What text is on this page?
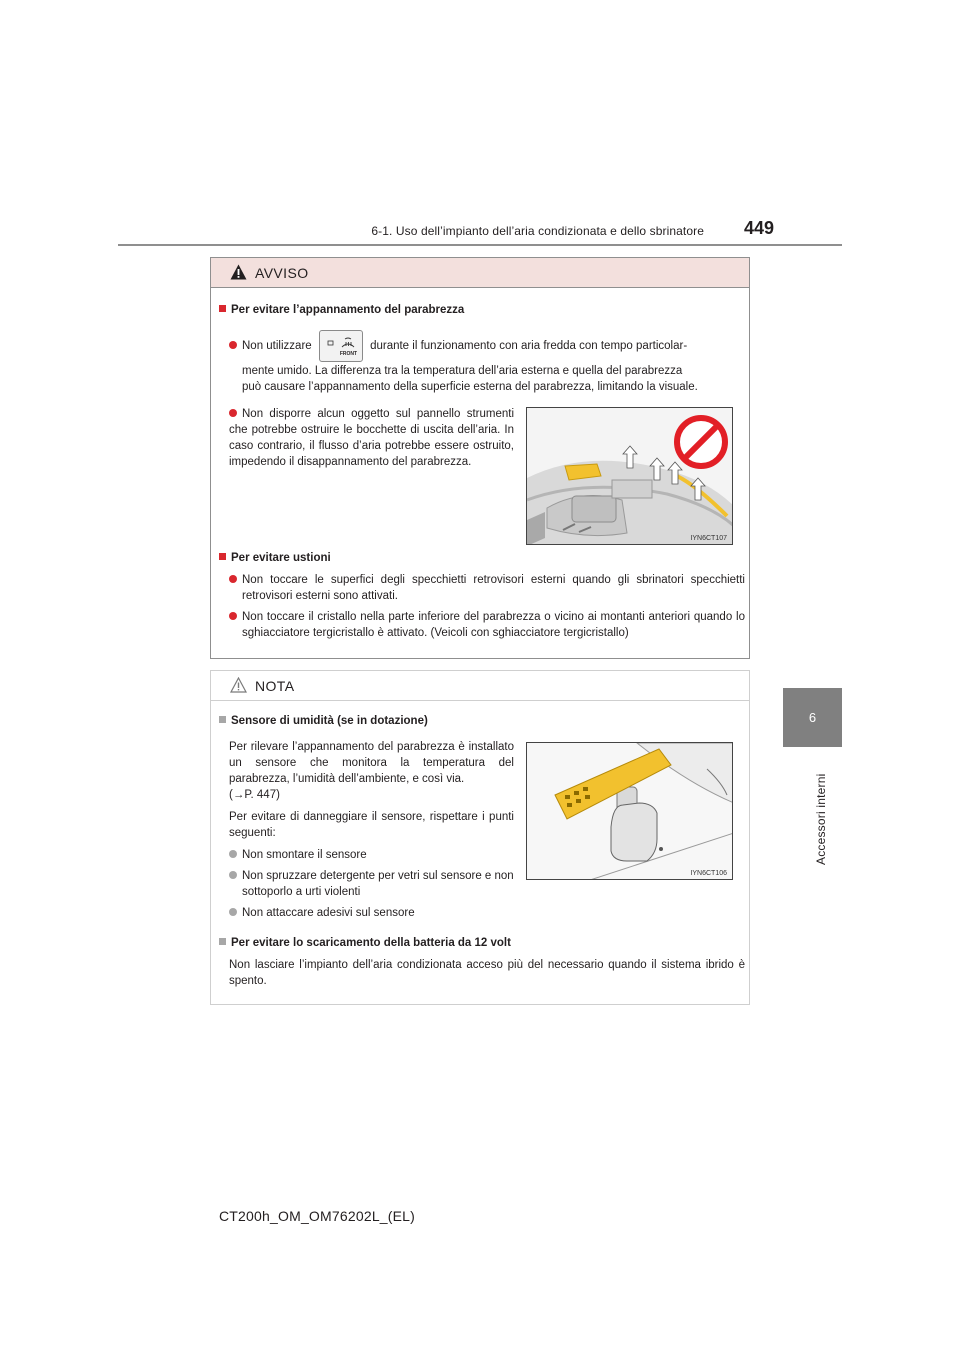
6-1. Uso dell’impianto dell’aria condizionata e dello sbrinatore 449
6
Accessori interni
AVVISO
Per evitare l’appannamento del parabrezza
Non utilizzare
FRONT
durante il funzionamento con aria fredda con tempo particolar-
mente umido. La differenza tra la temperatura dell’aria esterna e quella del parabrezza
può causare l’appannamento della superficie esterna del parabrezza, limitando la visuale.
Non disporre alcun oggetto sul pannello strumenti che potrebbe ostruire le bocchette di uscita dell’aria. In caso contrario, il flusso d’aria potrebbe essere ostruito, impedendo il disappannamento del parabrezza.
IYN6CT107
Per evitare ustioni
Non toccare le superfici degli specchietti retrovisori esterni quando gli sbrinatori specchietti retrovisori esterni sono attivati.
Non toccare il cristallo nella parte inferiore del parabrezza o vicino ai montanti anteriori quando lo sghiacciatore tergicristallo è attivato. (Veicoli con sghiacciatore tergicristallo)
NOTA
Sensore di umidità (se in dotazione)
Per rilevare l’appannamento del parabrezza è installato un sensore che monitora la temperatura del parabrezza, l’umidità dell’ambiente, e così via.
(→P. 447)
Per evitare di danneggiare il sensore, rispettare i punti seguenti:
Non smontare il sensore
Non spruzzare detergente per vetri sul sensore e non sottoporlo a urti violenti
Non attaccare adesivi sul sensore
IYN6CT106
Per evitare lo scaricamento della batteria da 12 volt
Non lasciare l’impianto dell’aria condizionata acceso più del necessario quando il sistema ibrido è spento.
CT200h_OM_OM76202L_(EL)
